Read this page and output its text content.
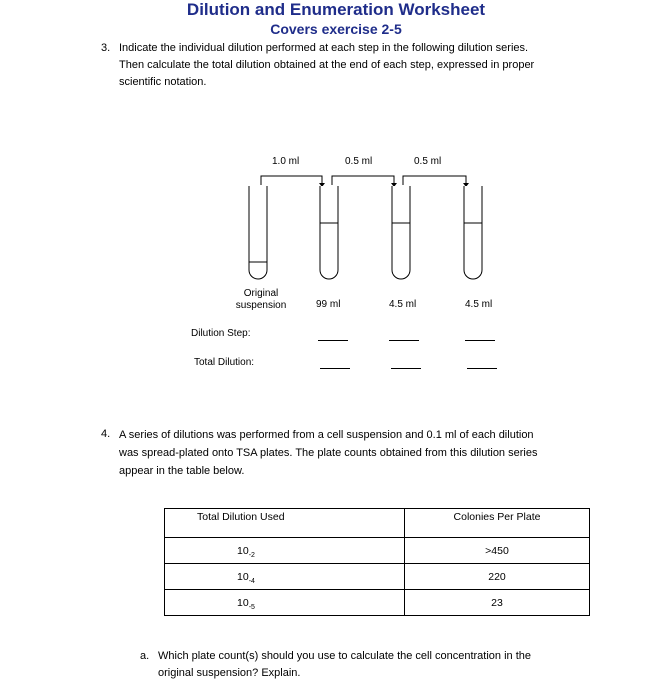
Dilution and Enumeration Worksheet
Covers exercise 2-5
3. Indicate the individual dilution performed at each step in the following dilution series.
Then calculate the total dilution obtained at the end of each step, expressed in proper
scientific notation.
1.0 ml	0.5 ml	0.5 ml
Original
suspension	99 ml	4.5 ml	4.5 ml
Dilution Step:
Total Dilution:
4. A series of dilutions was performed from a cell suspension and 0.1 ml of each dilution
was spread-plated onto TSA plates. The plate counts obtained from this dilution series
appear in the table below.
Total Dilution Used	Colonies Per Plate
$10_{-2}$	>450
$10_{-4}$	220
$10_{-5}$	23
a. Which plate count(s) should you use to calculate the cell concentration in the
original suspension? Explain.
